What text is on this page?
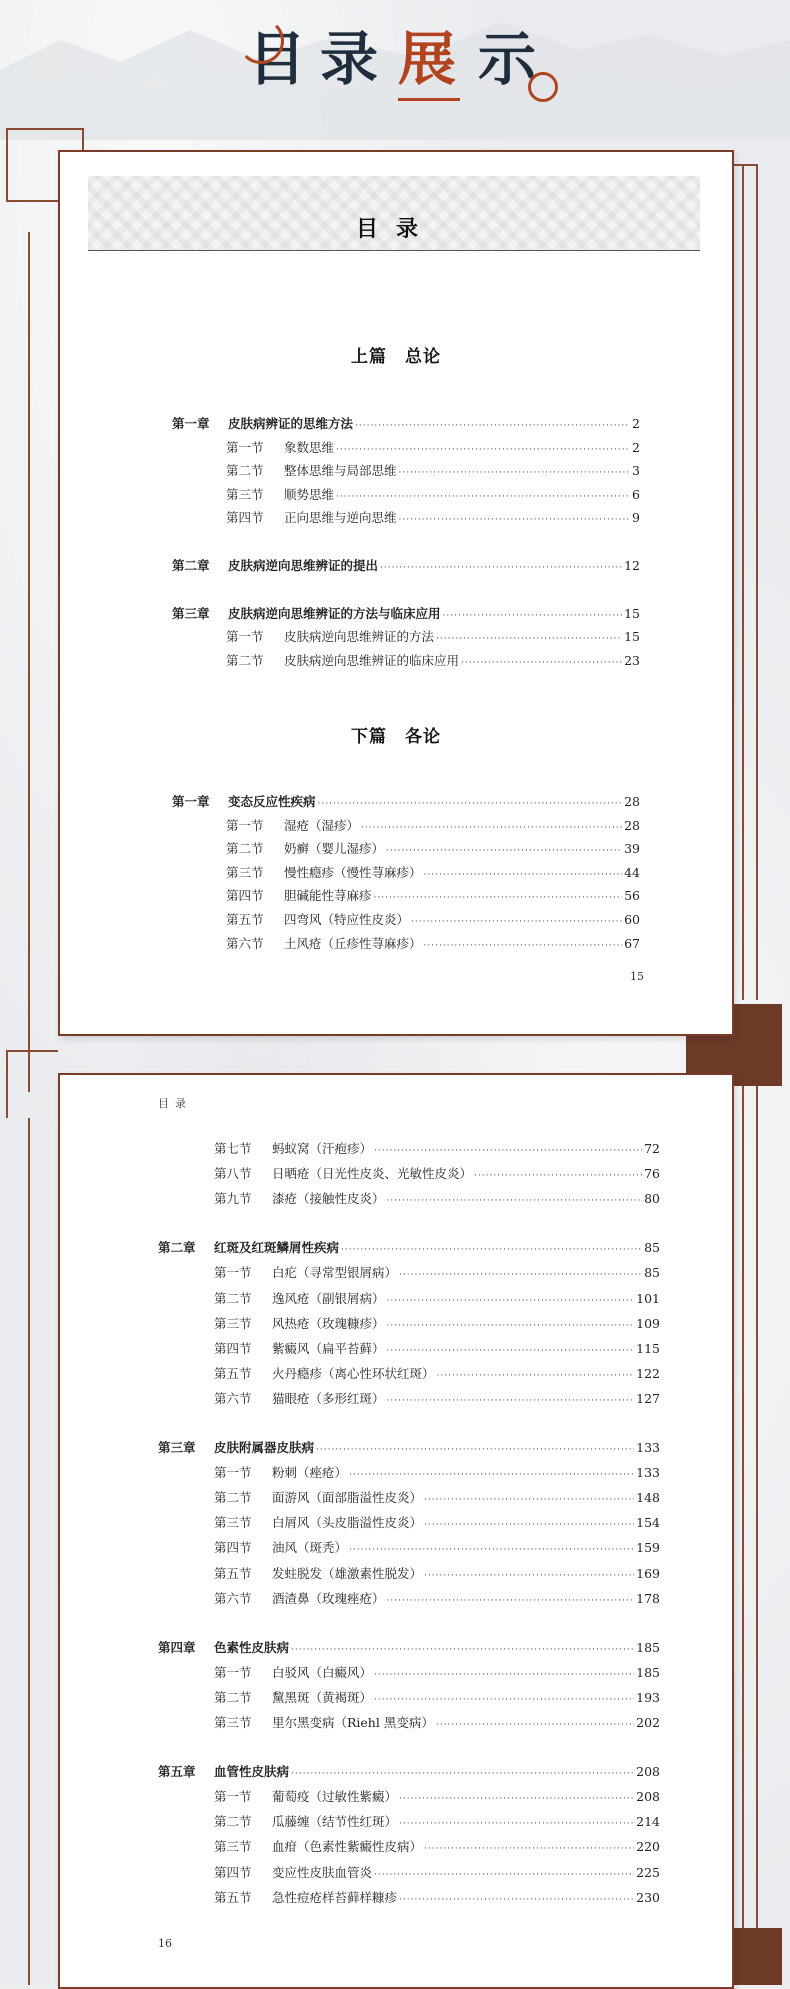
目 录 展 示
目录
上篇　总论
下篇　各论
第一章	皮肤病辨证的思维方法 ·····	2
第一节	象数思维 ·····	2
第二节	整体思维与局部思维 ·····	3
第三节	顺势思维 ·····	6
第四节	正向思维与逆向思维 ·····	9
第二章	皮肤病逆向思维辨证的提出 ·····	12
第三章	皮肤病逆向思维辨证的方法与临床应用 ·····	15
第一节	皮肤病逆向思维辨证的方法 ·····	15
第二节	皮肤病逆向思维辨证的临床应用 ·····	23
第一章	变态反应性疾病 ·····	28
第一节	湿疮（湿疹） ·····	28
第二节	奶癣（婴儿湿疹） ·····	39
第三节	慢性瘾疹（慢性荨麻疹） ·····	44
第四节	胆碱能性荨麻疹 ·····	56
第五节	四弯风（特应性皮炎） ·····	60
第六节	土风疮（丘疹性荨麻疹） ·····	67
15
目录
第七节	蚂蚁窝（汗疱疹） ·····	72
第八节	日晒疮（日光性皮炎、光敏性皮炎） ·····	76
第九节	漆疮（接触性皮炎） ·····	80
第二章	红斑及红斑鳞屑性疾病 ·····	85
第一节	白疕（寻常型银屑病） ·····	85
第二节	逸风疮（副银屑病） ·····	101
第三节	风热疮（玫瑰糠疹） ·····	109
第四节	紫癜风（扁平苔藓） ·····	115
第五节	火丹瘾疹（离心性环状红斑） ·····	122
第六节	猫眼疮（多形红斑） ·····	127
第三章	皮肤附属器皮肤病 ·····	133
第一节	粉刺（痤疮） ·····	133
第二节	面游风（面部脂溢性皮炎） ·····	148
第三节	白屑风（头皮脂溢性皮炎） ·····	154
第四节	油风（斑秃） ·····	159
第五节	发蛀脱发（雄激素性脱发） ·····	169
第六节	酒渣鼻（玫瑰痤疮） ·····	178
第四章	色素性皮肤病 ·····	185
第一节	白驳风（白癜风） ·····	185
第二节	黧黑斑（黄褐斑） ·····	193
第三节	里尔黑变病（Riehl 黑变病） ·····	202
第五章	血管性皮肤病 ·····	208
第一节	葡萄疫（过敏性紫癜） ·····	208
第二节	瓜藤缠（结节性红斑） ·····	214
第三节	血疳（色素性紫癜性皮病） ·····	220
第四节	变应性皮肤血管炎 ·····	225
第五节	急性痘疮样苔藓样糠疹 ·····	230
16
